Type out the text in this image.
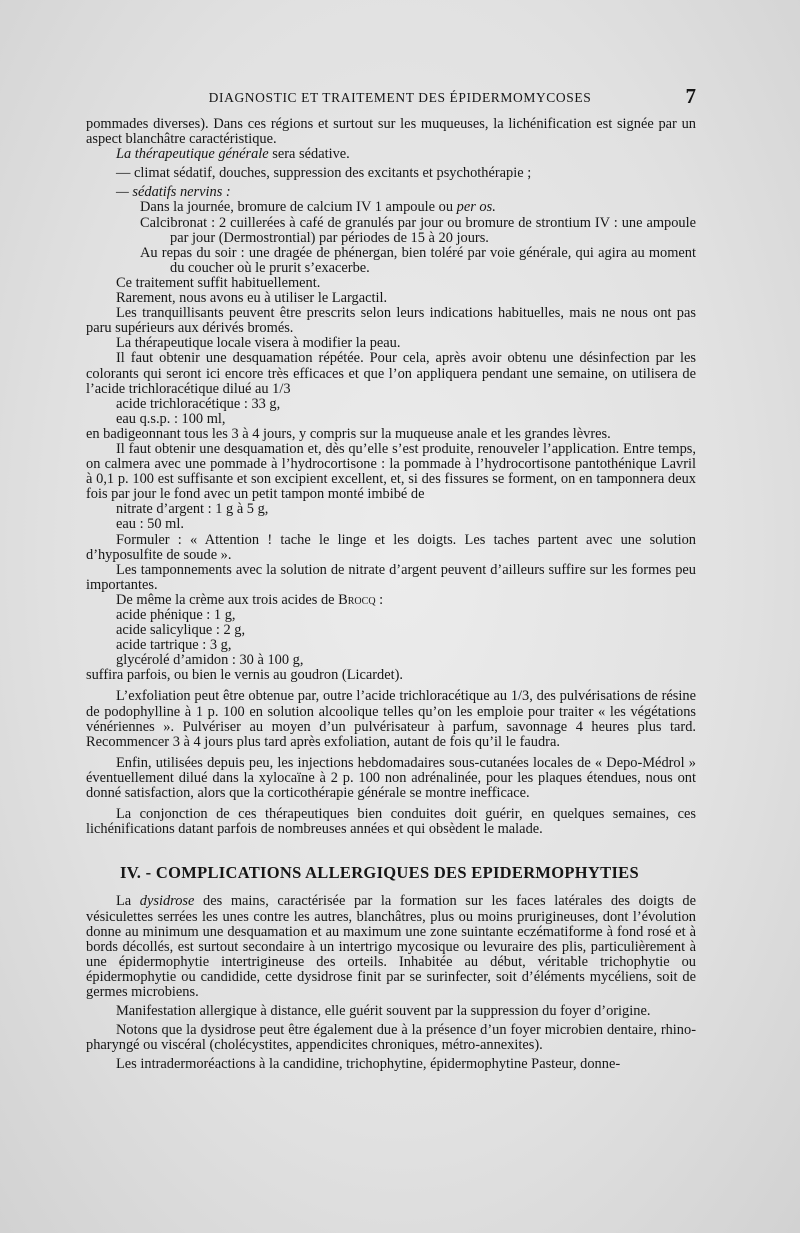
DIAGNOSTIC ET TRAITEMENT DES ÉPIDERMOMYCOSES	7

pommades diverses). Dans ces régions et surtout sur les muqueuses, la lichénification est signée par un aspect blanchâtre caractéristique.

La thérapeutique générale sera sédative.

— climat sédatif, douches, suppression des excitants et psychothérapie ;

— sédatifs nervins :

Dans la journée, bromure de calcium IV 1 ampoule ou per os.

Calcibronat : 2 cuillerées à café de granulés par jour ou bromure de strontium IV : une ampoule par jour (Dermostrontial) par périodes de 15 à 20 jours.

Au repas du soir : une dragée de phénergan, bien toléré par voie générale, qui agira au moment du coucher où le prurit s’exacerbe.

Ce traitement suffit habituellement.

Rarement, nous avons eu à utiliser le Largactil.

Les tranquillisants peuvent être prescrits selon leurs indications habituelles, mais ne nous ont pas paru supérieurs aux dérivés bromés.

La thérapeutique locale visera à modifier la peau.

Il faut obtenir une desquamation répétée. Pour cela, après avoir obtenu une désinfection par les colorants qui seront ici encore très efficaces et que l’on appliquera pendant une semaine, on utilisera de l’acide trichloracétique dilué au 1/3

acide trichloracétique : 33 g,

eau q.s.p. : 100 ml,

en badigeonnant tous les 3 à 4 jours, y compris sur la muqueuse anale et les grandes lèvres.

Il faut obtenir une desquamation et, dès qu’elle s’est produite, renouveler l’application. Entre temps, on calmera avec une pommade à l’hydrocortisone : la pommade à l’hydrocortisone pantothénique Lavril à 0,1 p. 100 est suffisante et son excipient excellent, et, si des fissures se forment, on en tamponnera deux fois par jour le fond avec un petit tampon monté imbibé de

nitrate d’argent : 1 g à 5 g,

eau : 50 ml.

Formuler : « Attention ! tache le linge et les doigts. Les taches partent avec une solution d’hyposulfite de soude ».

Les tamponnements avec la solution de nitrate d’argent peuvent d’ailleurs suffire sur les formes peu importantes.

De même la crème aux trois acides de Brocq :

acide phénique : 1 g,

acide salicylique : 2 g,

acide tartrique : 3 g,

glycérolé d’amidon : 30 à 100 g,

suffira parfois, ou bien le vernis au goudron (Licardet).

L’exfoliation peut être obtenue par, outre l’acide trichloracétique au 1/3, des pulvérisations de résine de podophylline à 1 p. 100 en solution alcoolique telles qu’on les emploie pour traiter « les végétations vénériennes ». Pulvériser au moyen d’un pulvérisateur à parfum, savonnage 4 heures plus tard. Recommencer 3 à 4 jours plus tard après exfoliation, autant de fois qu’il le faudra.

Enfin, utilisées depuis peu, les injections hebdomadaires sous-cutanées locales de « Depo-Médrol » éventuellement dilué dans la xylocaïne à 2 p. 100 non adrénalinée, pour les plaques étendues, nous ont donné satisfaction, alors que la corticothérapie générale se montre inefficace.

La conjonction de ces thérapeutiques bien conduites doit guérir, en quelques semaines, ces lichénifications datant parfois de nombreuses années et qui obsèdent le malade.

IV. - COMPLICATIONS ALLERGIQUES DES EPIDERMOPHYTIES

La dysidrose des mains, caractérisée par la formation sur les faces latérales des doigts de vésiculettes serrées les unes contre les autres, blanchâtres, plus ou moins prurigineuses, dont l’évolution donne au minimum une desquamation et au maximum une zone suintante eczématiforme à fond rosé et à bords décollés, est surtout secondaire à un intertrigo mycosique ou levuraire des plis, particulièrement à une épidermophytie intertrigineuse des orteils. Inhabitée au début, véritable trichophytie ou épidermophytie ou candidide, cette dysidrose finit par se surinfecter, soit d’éléments mycéliens, soit de germes microbiens.

Manifestation allergique à distance, elle guérit souvent par la suppression du foyer d’origine.

Notons que la dysidrose peut être également due à la présence d’un foyer microbien dentaire, rhino-pharyngé ou viscéral (cholécystites, appendicites chroniques, métro-annexites).

Les intradermoréactions à la candidine, trichophytine, épidermophytine Pasteur, donne-
